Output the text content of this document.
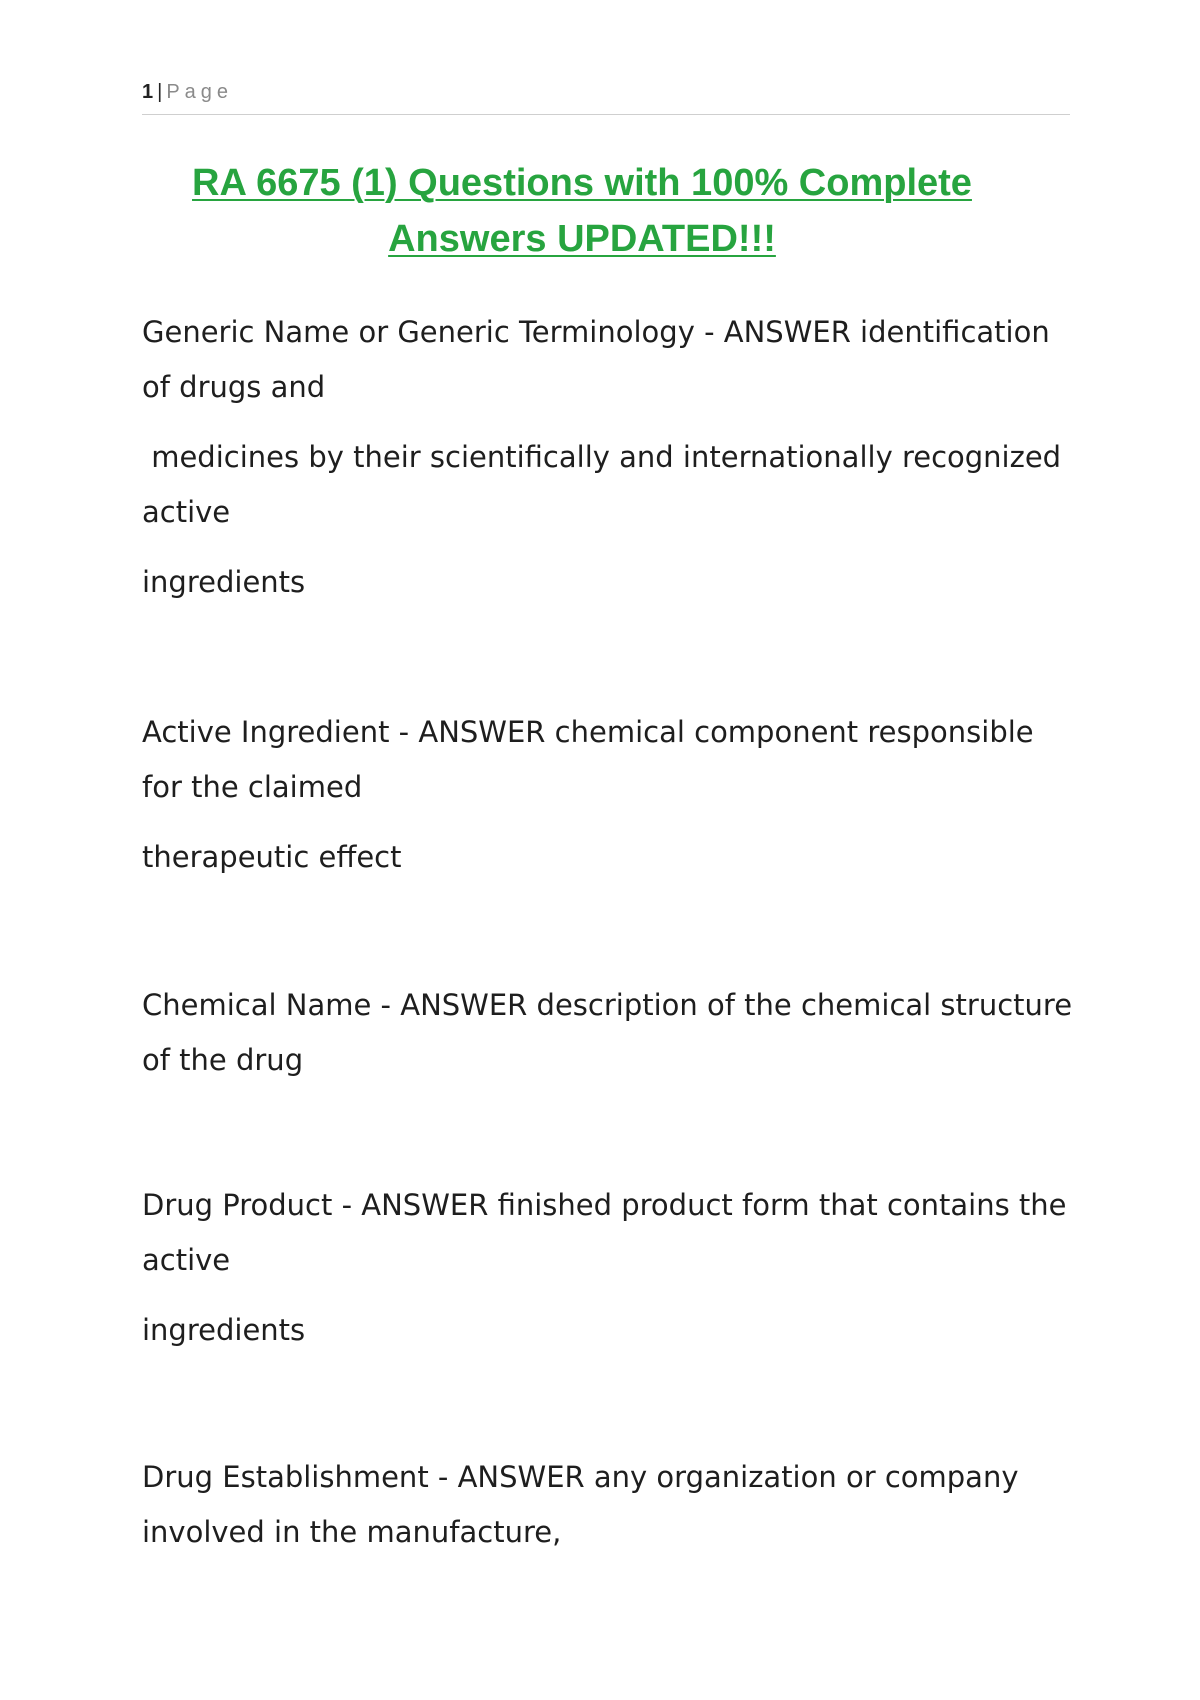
1 | Page
RA 6675 (1) Questions with 100% Complete
Answers UPDATED!!!

Generic Name or Generic Terminology - ANSWER identification

of drugs and

medicines by their scientifically and internationally recognized

active

ingredients

Active Ingredient - ANSWER chemical component responsible

for the claimed

therapeutic effect

Chemical Name - ANSWER description of the chemical structure

of the drug

Drug Product - ANSWER finished product form that contains the

active

ingredients

Drug Establishment - ANSWER any organization or company

involved in the manufacture,
